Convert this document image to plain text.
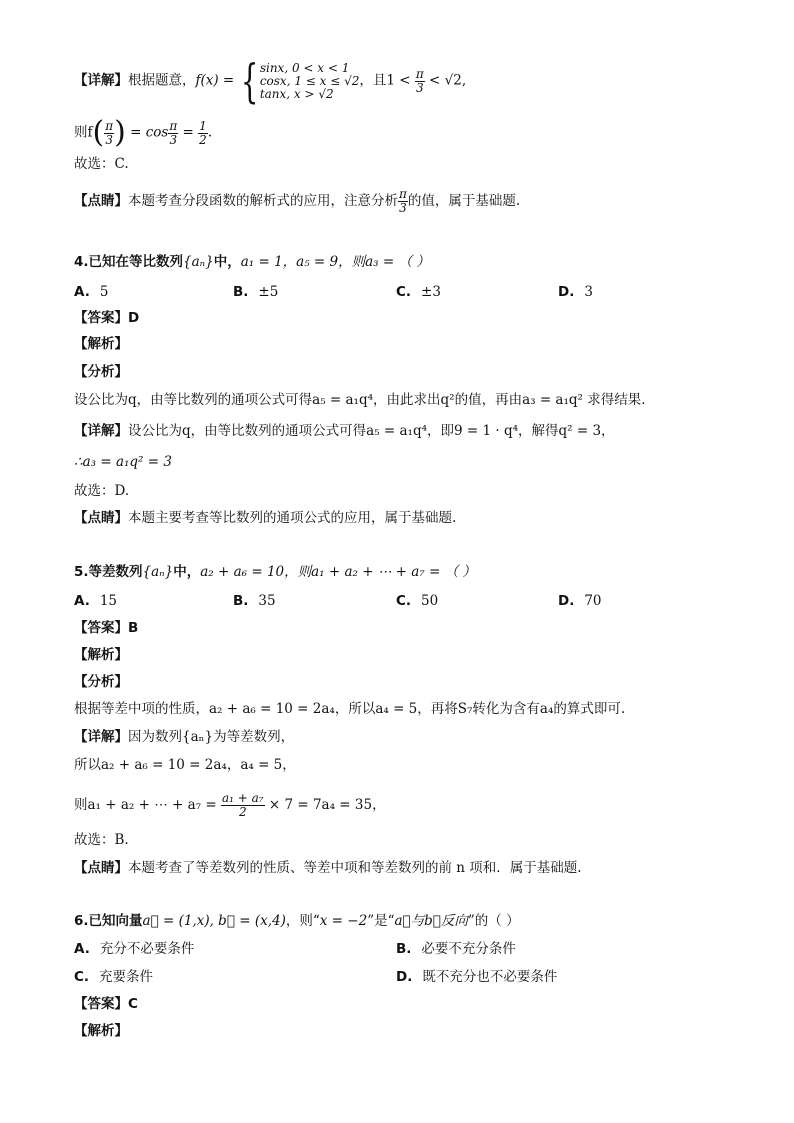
【详解】根据题意，f(x) = { sinx, 0 < x < 1
cosx, 1 ≤ x ≤ √2
tanx, x > √2
，且$1 < \frac{\pi}{3} < √2$,
则$f( \frac{\pi}{3}$ ) = $\cos \frac{\pi}{3} = \frac{1}{2}$ .
故选：C.
【点睛】本题考查分段函数的解析式的应用，注意分析 $\frac{\pi}{3}$ 的值，属于基础题.
4.已知在等比数列{aₙ}中，a₁ = 1，a₅ = 9，则a₃ = （ ）
A. 5	B. ±5	C. ±3	D. 3
【答案】D
【解析】
【分析】
设公比为q，由等比数列的通项公式可得a₅ = a₁q⁴，由此求出q²的值，再由a₃ = a₁q² 求得结果.
【详解】设公比为q，由等比数列的通项公式可得a₅ = a₁q⁴，即9 = 1 · q⁴，解得q² = 3，
∴a₃ = a₁q² = 3
故选：D.
【点睛】本题主要考查等比数列的通项公式的应用，属于基础题.
5.等差数列{aₙ}中，a₂ + a₆ = 10，则a₁ + a₂ + ⋯ + a₇ = （ ）
A. 15	B. 35	C. 50	D. 70
【答案】B
【解析】
【分析】
根据等差中项的性质，a₂ + a₆ = 10 = 2a₄，所以a₄ = 5，再将S₇转化为含有a₄的算式即可.
【详解】因为数列{aₙ}为等差数列，
所以a₂ + a₆ = 10 = 2a₄，a₄ = 5，
则a₁ + a₂ + ⋯ + $a_7 = \frac{\text{a₁ + a₇}}{2} \times 7 = 7a_4 = 35$，
故选：B.
【点睛】本题考查了等差数列的性质、等差中项和等差数列的前 n 项和．属于基础题.
6.已知向量a⃗ = (1,x), b⃗ = (x,4)，则“x = −2”是“a⃗与b⃗反向”的（ ）
A. 充分不必要条件	B. 必要不充分条件
C. 充要条件	D. 既不充分也不必要条件
【答案】C
【解析】
